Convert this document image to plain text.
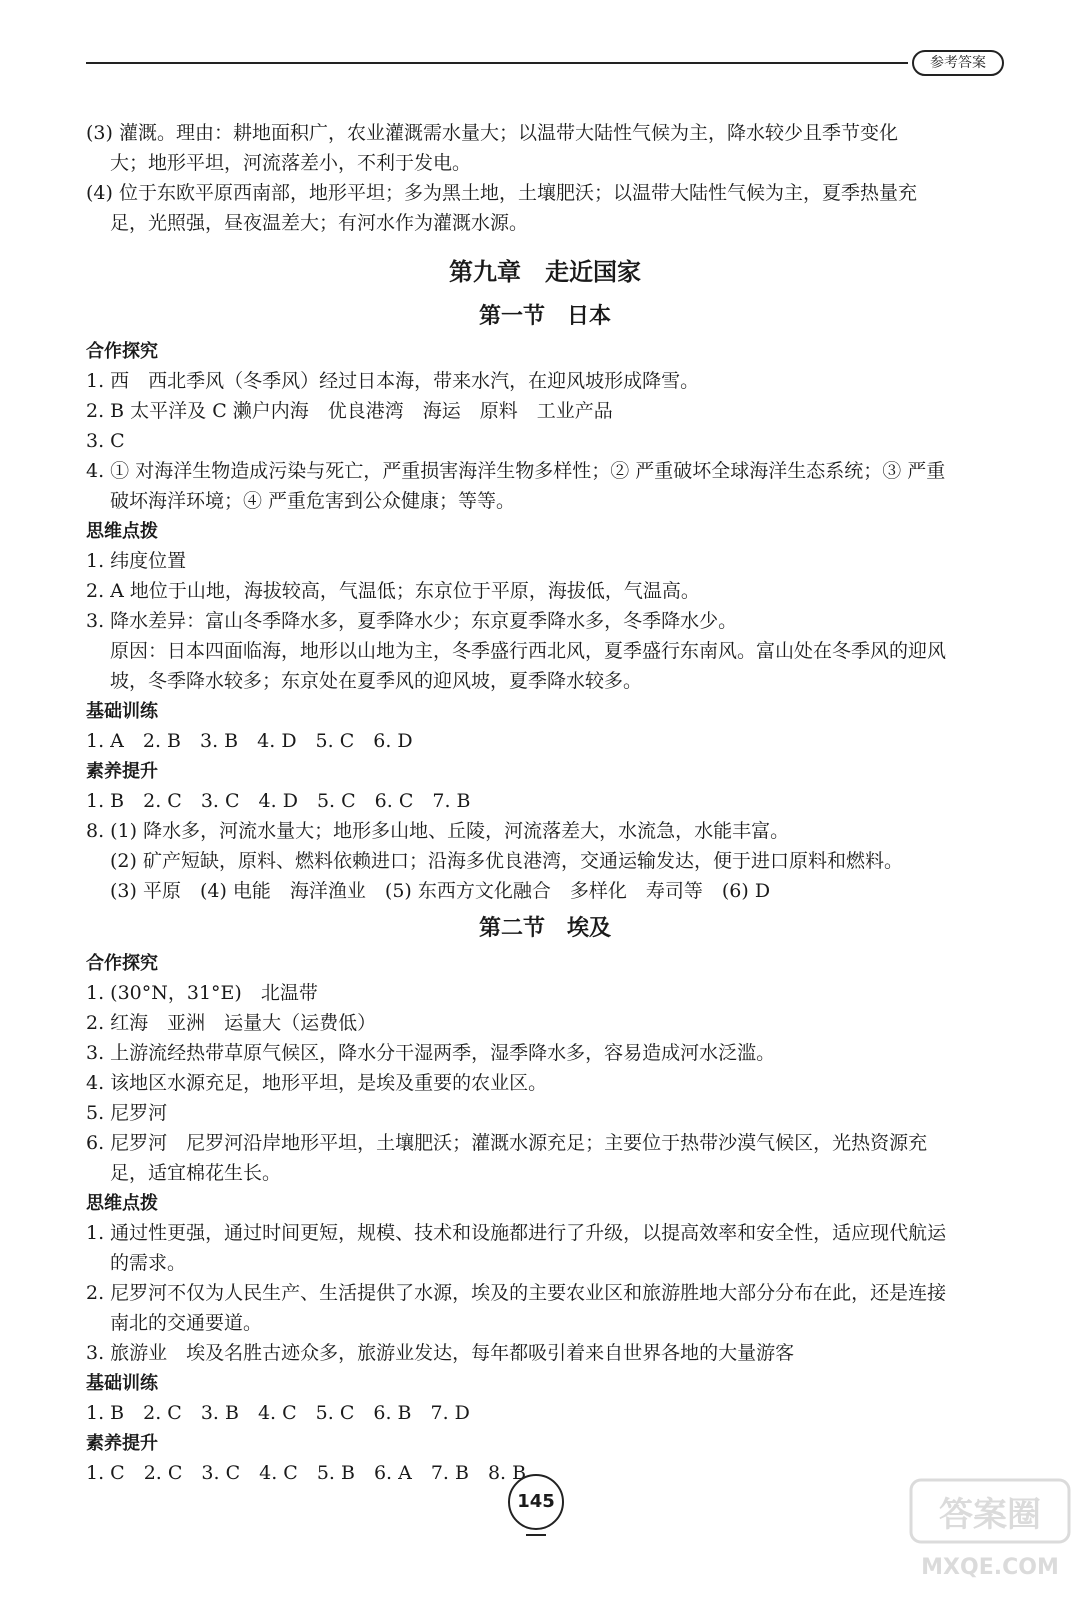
参考答案
(3) 灌溉。理由：耕地面积广，农业灌溉需水量大；以温带大陆性气候为主，降水较少且季节变化
大；地形平坦，河流落差小，不利于发电。
(4) 位于东欧平原西南部，地形平坦；多为黑土地，土壤肥沃；以温带大陆性气候为主，夏季热量充
足，光照强，昼夜温差大；有河水作为灌溉水源。
第九章　走近国家
第一节　日本
合作探究
1. 西　西北季风（冬季风）经过日本海，带来水汽，在迎风坡形成降雪。
2. B 太平洋及 C 濑户内海　优良港湾　海运　原料　工业产品
3. C
4. ① 对海洋生物造成污染与死亡，严重损害海洋生物多样性；② 严重破坏全球海洋生态系统；③ 严重
破坏海洋环境；④ 严重危害到公众健康；等等。
思维点拨
1. 纬度位置
2. A 地位于山地，海拔较高，气温低；东京位于平原，海拔低，气温高。
3. 降水差异：富山冬季降水多，夏季降水少；东京夏季降水多，冬季降水少。
原因：日本四面临海，地形以山地为主，冬季盛行西北风，夏季盛行东南风。富山处在冬季风的迎风
坡，冬季降水较多；东京处在夏季风的迎风坡，夏季降水较多。
基础训练
1. A　2. B　3. B　4. D　5. C　6. D
素养提升
1. B　2. C　3. C　4. D　5. C　6. C　7. B
8. (1) 降水多，河流水量大；地形多山地、丘陵，河流落差大，水流急，水能丰富。
(2) 矿产短缺，原料、燃料依赖进口；沿海多优良港湾，交通运输发达，便于进口原料和燃料。
(3) 平原　(4) 电能　海洋渔业　(5) 东西方文化融合　多样化　寿司等　(6) D
第二节　埃及
合作探究
1. (30°N，31°E)　北温带
2. 红海　亚洲　运量大（运费低）
3. 上游流经热带草原气候区，降水分干湿两季，湿季降水多，容易造成河水泛滥。
4. 该地区水源充足，地形平坦，是埃及重要的农业区。
5. 尼罗河
6. 尼罗河　尼罗河沿岸地形平坦，土壤肥沃；灌溉水源充足；主要位于热带沙漠气候区，光热资源充
足，适宜棉花生长。
思维点拨
1. 通过性更强，通过时间更短，规模、技术和设施都进行了升级，以提高效率和安全性，适应现代航运
的需求。
2. 尼罗河不仅为人民生产、生活提供了水源，埃及的主要农业区和旅游胜地大部分分布在此，还是连接
南北的交通要道。
3. 旅游业　埃及名胜古迹众多，旅游业发达，每年都吸引着来自世界各地的大量游客
基础训练
1. B　2. C　3. B　4. C　5. C　6. B　7. D
素养提升
1. C　2. C　3. C　4. C　5. B　6. A　7. B　8. B
145	答案圈
MXQE.COM
